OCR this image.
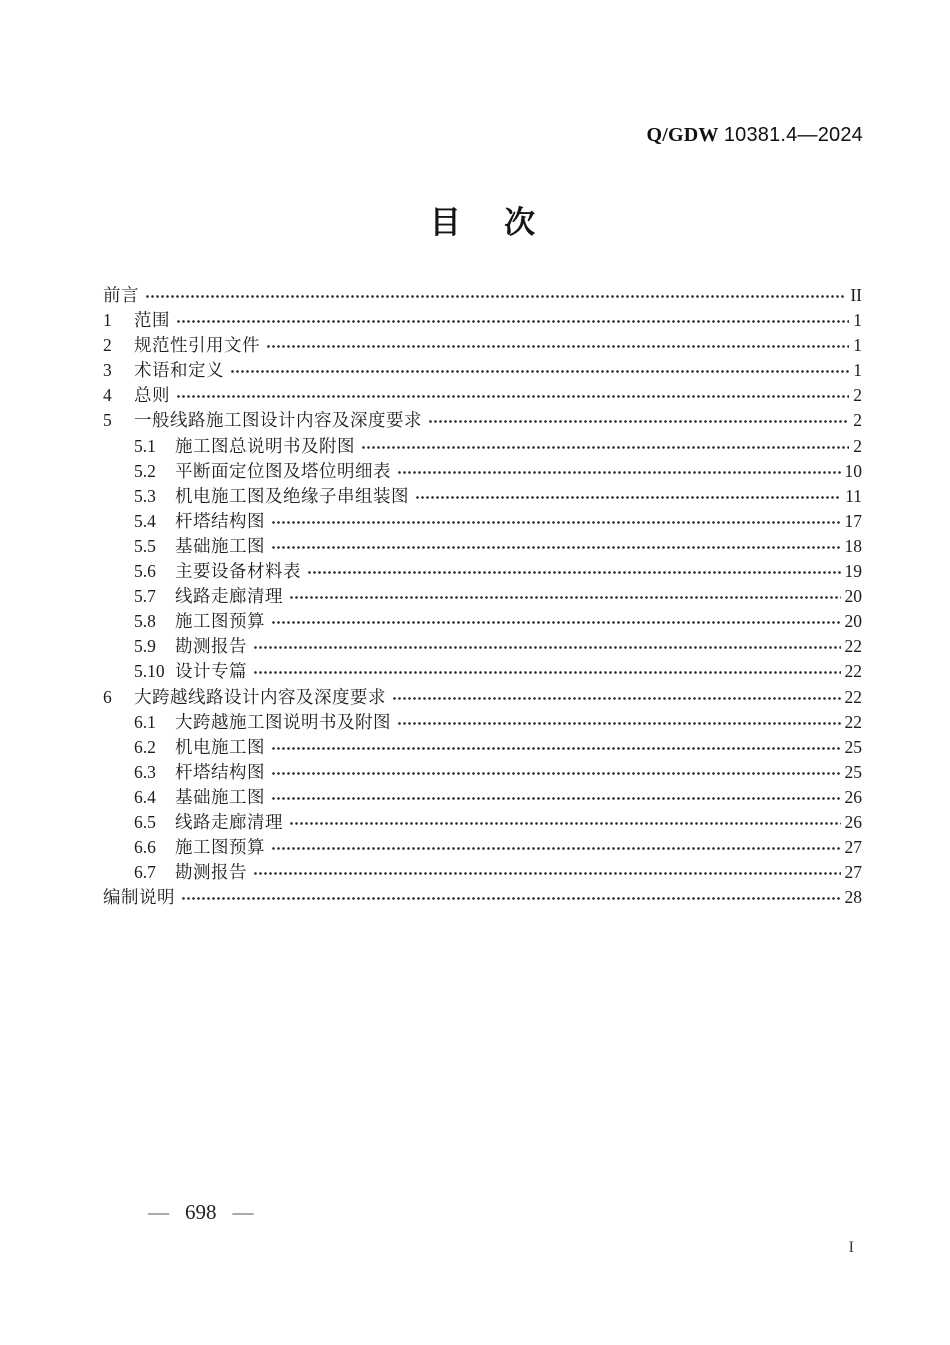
Q/GDW 10381.4—2024
目次
前言	II
1	范围	1
2	规范性引用文件	1
3	术语和定义	1
4	总则	2
5	一般线路施工图设计内容及深度要求	2
5.1	施工图总说明书及附图	2
5.2	平断面定位图及塔位明细表	10
5.3	机电施工图及绝缘子串组装图	11
5.4	杆塔结构图	17
5.5	基础施工图	18
5.6	主要设备材料表	19
5.7	线路走廊清理	20
5.8	施工图预算	20
5.9	勘测报告	22
5.10 设计专篇	22
6	大跨越线路设计内容及深度要求	22
6.1	大跨越施工图说明书及附图	22
6.2	机电施工图	25
6.3	杆塔结构图	25
6.4	基础施工图	26
6.5	线路走廊清理	26
6.6	施工图预算	27
6.7	勘测报告	27
编制说明	28
— 698 —
I
